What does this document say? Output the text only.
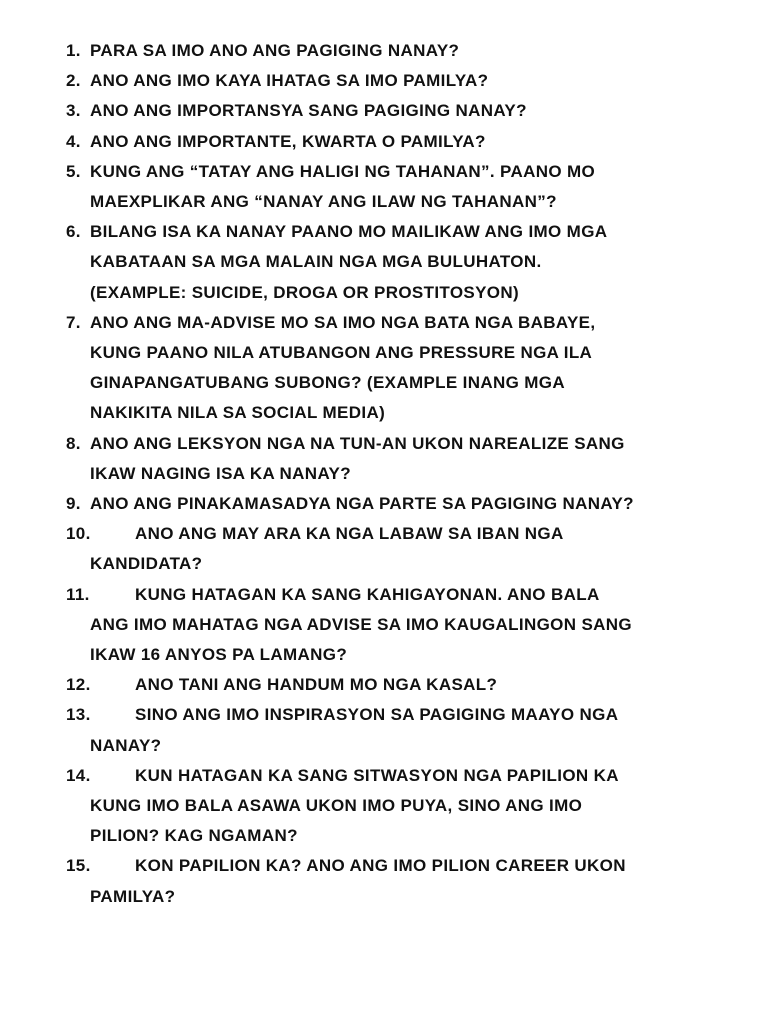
1. PARA SA IMO ANO ANG PAGIGING NANAY?
2. ANO ANG IMO KAYA IHATAG SA IMO PAMILYA?
3. ANO ANG IMPORTANSYA SANG PAGIGING NANAY?
4. ANO ANG IMPORTANTE, KWARTA O PAMILYA?
5. KUNG ANG “TATAY ANG HALIGI NG TAHANAN”. PAANO MO
MAEXPLIKAR ANG “NANAY ANG ILAW NG TAHANAN”?
6. BILANG ISA KA NANAY PAANO MO MAILIKAW ANG IMO MGA
KABATAAN SA MGA MALAIN NGA MGA BULUHATON.
(EXAMPLE: SUICIDE, DROGA OR PROSTITOSYON)
7. ANO ANG MA-ADVISE MO SA IMO NGA BATA NGA BABAYE,
KUNG PAANO NILA ATUBANGON ANG PRESSURE NGA ILA
GINAPANGATUBANG SUBONG? (EXAMPLE INANG MGA
NAKIKITA NILA SA SOCIAL MEDIA)
8. ANO ANG LEKSYON NGA NA TUN-AN UKON NAREALIZE SANG
IKAW NAGING ISA KA NANAY?
9. ANO ANG PINAKAMASADYA NGA PARTE SA PAGIGING NANAY?
10.	ANO ANG MAY ARA KA NGA LABAW SA IBAN NGA
KANDIDATA?
11.	KUNG HATAGAN KA SANG KAHIGAYONAN. ANO BALA
ANG IMO MAHATAG NGA ADVISE SA IMO KAUGALINGON SANG
IKAW 16 ANYOS PA LAMANG?
12.	ANO TANI ANG HANDUM MO NGA KASAL?
13.	SINO ANG IMO INSPIRASYON SA PAGIGING MAAYO NGA
NANAY?
14.	KUN HATAGAN KA SANG SITWASYON NGA PAPILION KA
KUNG IMO BALA ASAWA UKON IMO PUYA, SINO ANG IMO
PILION? KAG NGAMAN?
15.	KON PAPILION KA? ANO ANG IMO PILION CAREER UKON
PAMILYA?
